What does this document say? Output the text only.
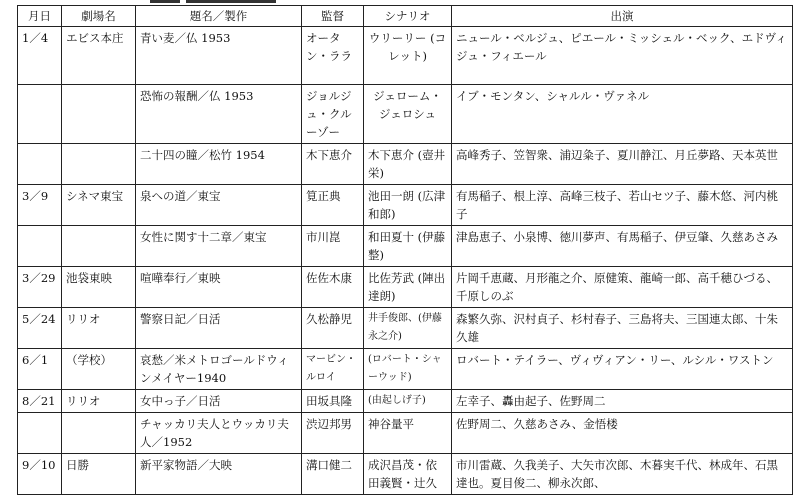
月日	劇場名	題名／製作	監督	シナリオ	出演
1／4	エビス本庄	青い麦／仏 1953	オータン・ララ	ウリーリー (コレット)	ニュール・ベルジュ、ピエール・ミッシェル・ベック、エドヴィジュ・フィエール
		恐怖の報酬／仏 1953	ジョルジュ・クルーゾー	ジェローム・ジェロシュ	イブ・モンタン、シャルル・ヴァネル
		二十四の瞳／松竹 1954	木下恵介	木下恵介 (壺井栄)	高峰秀子、笠智衆、浦辺粂子、夏川静江、月丘夢路、天本英世
3／9	シネマ東宝	泉への道／東宝	筧正典	池田一朗 (広津和郎)	有馬稲子、根上淳、高峰三枝子、若山セツ子、藤木悠、河内桃子
		女性に関す十二章／東宝	市川崑	和田夏十 (伊藤整)	津島恵子、小泉博、徳川夢声、有馬稲子、伊豆肇、久慈あさみ
3／29	池袋東映	喧嘩奉行／東映	佐佐木康	比佐芳武 (陣出達朗)	片岡千恵蔵、月形龍之介、原健策、龍崎一郎、高千穂ひづる、千原しのぶ
5／24	リリオ	警察日記／日活	久松静児	井手俊郎、(伊藤永之介)	森繁久弥、沢村貞子、杉村春子、三島将夫、三国連太郎、十朱久雄
6／1	（学校）	哀愁／米メトロゴールドウィンメイヤー1940	マービン・ルロイ	(ロバート・シャーウッド)	ロバート・テイラー、ヴィヴィアン・リー、ルシル・ワストン
8／21	リリオ	女中っ子／日活	田坂具隆	(由起しげ子)	左幸子、轟由起子、佐野周二
		チャッカリ夫人とウッカリ夫人／1952	渋辺邦男	神谷量平	佐野周二、久慈あさみ、金悟楼
9／10	日勝	新平家物語／大映	溝口健二	成沢昌茂・依田義賢・辻久	市川雷蔵、久我美子、大矢市次郎、木暮実千代、林成年、石黒達也。夏目俊二、柳永次郎、
